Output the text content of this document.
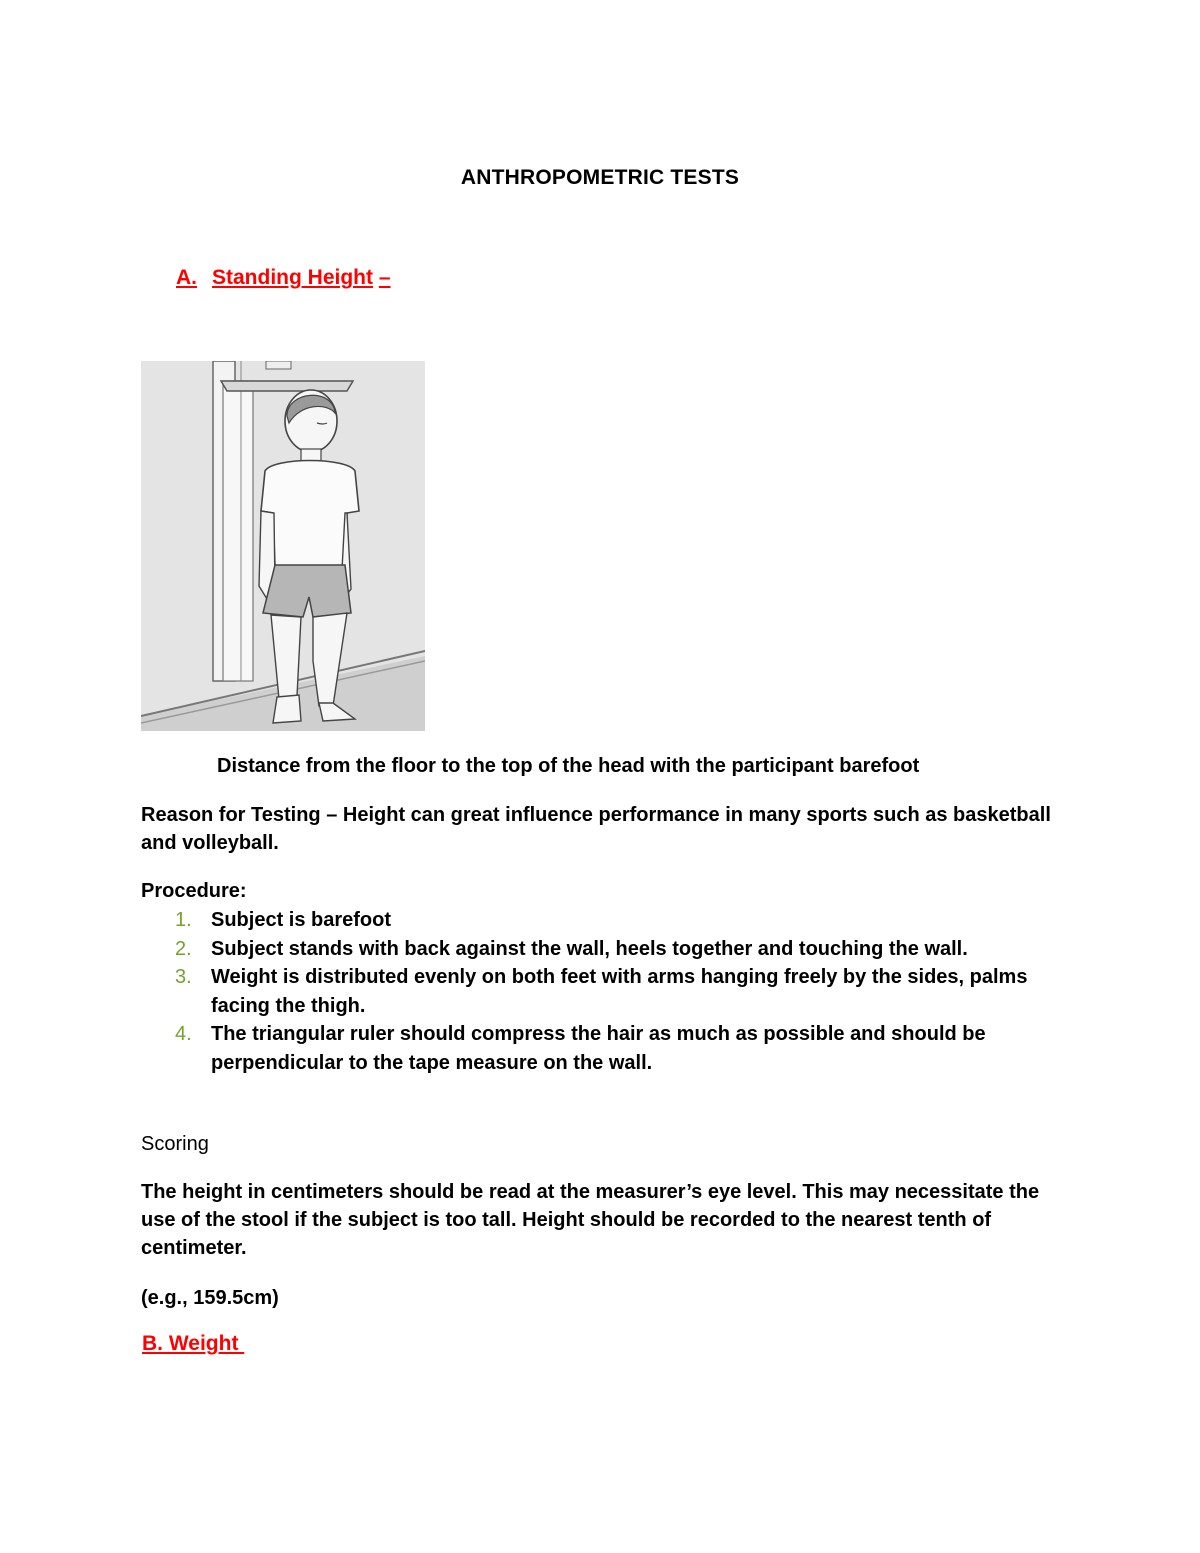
ANTHROPOMETRIC TESTS
A. Standing Height –
Distance from the floor to the top of the head with the participant barefoot
Reason for Testing – Height can great influence performance in many sports such as basketball and volleyball.
Procedure:
1. Subject is barefoot
2. Subject stands with back against the wall, heels together and touching the wall.
3. Weight is distributed evenly on both feet with arms hanging freely by the sides, palms facing the thigh.
4. The triangular ruler should compress the hair as much as possible and should be perpendicular to the tape measure on the wall.
Scoring
The height in centimeters should be read at the measurer’s eye level. This may necessitate the use of the stool if the subject is too tall. Height should be recorded to the nearest tenth of centimeter.
(e.g., 159.5cm)
B. Weight
